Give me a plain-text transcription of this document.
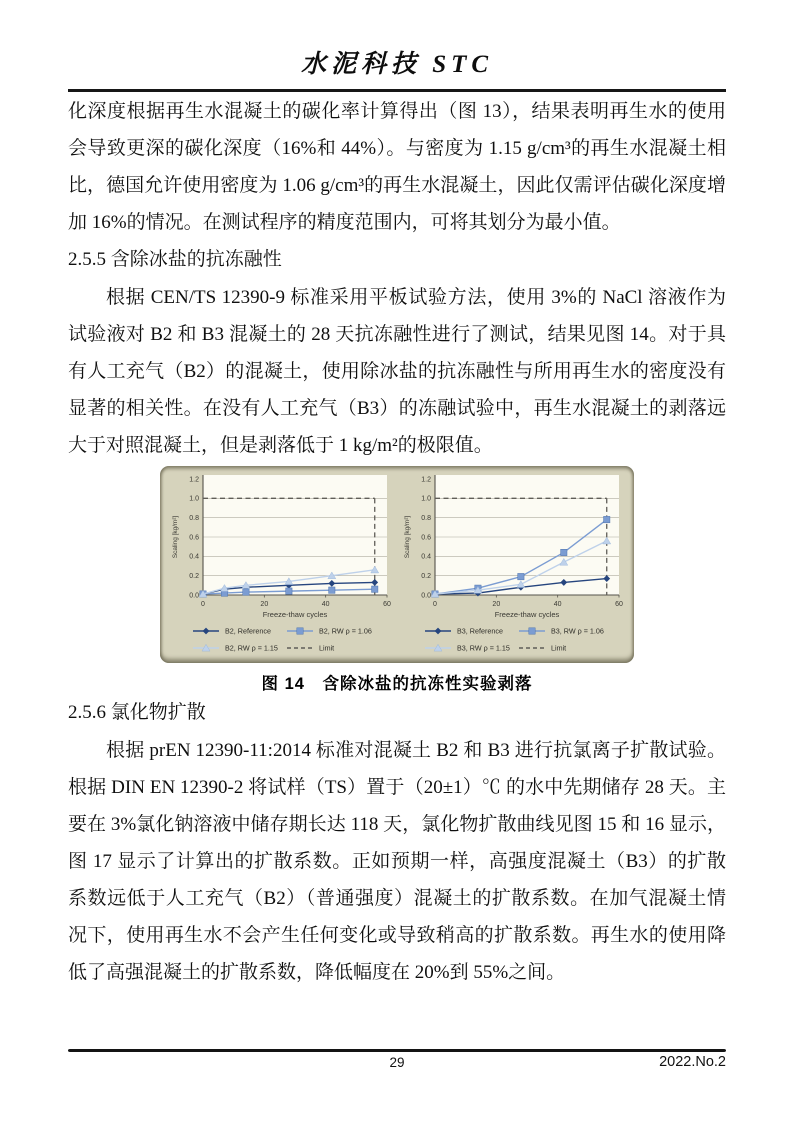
水泥科技 STC

化深度根据再生水混凝土的碳化率计算得出（图 13），结果表明再生水的使用会导致更深的碳化深度（16%和 44%）。与密度为 1.15 g/cm³的再生水混凝土相比，德国允许使用密度为 1.06 g/cm³的再生水混凝土，因此仅需评估碳化深度增加 16%的情况。在测试程序的精度范围内，可将其划分为最小值。

2.5.5 含除冰盐的抗冻融性

根据 CEN/TS 12390-9 标准采用平板试验方法，使用 3%的 NaCl 溶液作为试验液对 B2 和 B3 混凝土的 28 天抗冻融性进行了测试，结果见图 14。对于具有人工充气（B2）的混凝土，使用除冰盐的抗冻融性与所用再生水的密度没有显著的相关性。在没有人工充气（B3）的冻融试验中，再生水混凝土的剥落远大于对照混凝土，但是剥落低于 1 kg/m²的极限值。

0.0
0.2
0.4
0.6
0.8
1.0
1.2
0	20	40	60
Freeze-thaw cycles
Scaling [kg/m²]
B2, Reference	B2, RW ρ = 1.06
B2, RW ρ = 1.15	Limit
0.0
0.2
0.4
0.6
0.8
1.0
1.2
0	20	40	60
Freeze-thaw cycles
Scaling [kg/m²]
B3, Reference	B3, RW ρ = 1.06
B3, RW ρ = 1.15	Limit
图 14　含除冰盐的抗冻性实验剥落
2.5.6 氯化物扩散

根据 prEN 12390-11:2014 标准对混凝土 B2 和 B3 进行抗氯离子扩散试验。根据 DIN EN 12390-2 将试样（TS）置于（20±1）℃ 的水中先期储存 28 天。主要在 3%氯化钠溶液中储存期长达 118 天，氯化物扩散曲线见图 15 和 16 显示，图 17 显示了计算出的扩散系数。正如预期一样，高强度混凝土（B3）的扩散系数远低于人工充气（B2）（普通强度）混凝土的扩散系数。在加气混凝土情况下，使用再生水不会产生任何变化或导致稍高的扩散系数。再生水的使用降低了高强混凝土的扩散系数，降低幅度在 20%到 55%之间。

29	2022.No.2
